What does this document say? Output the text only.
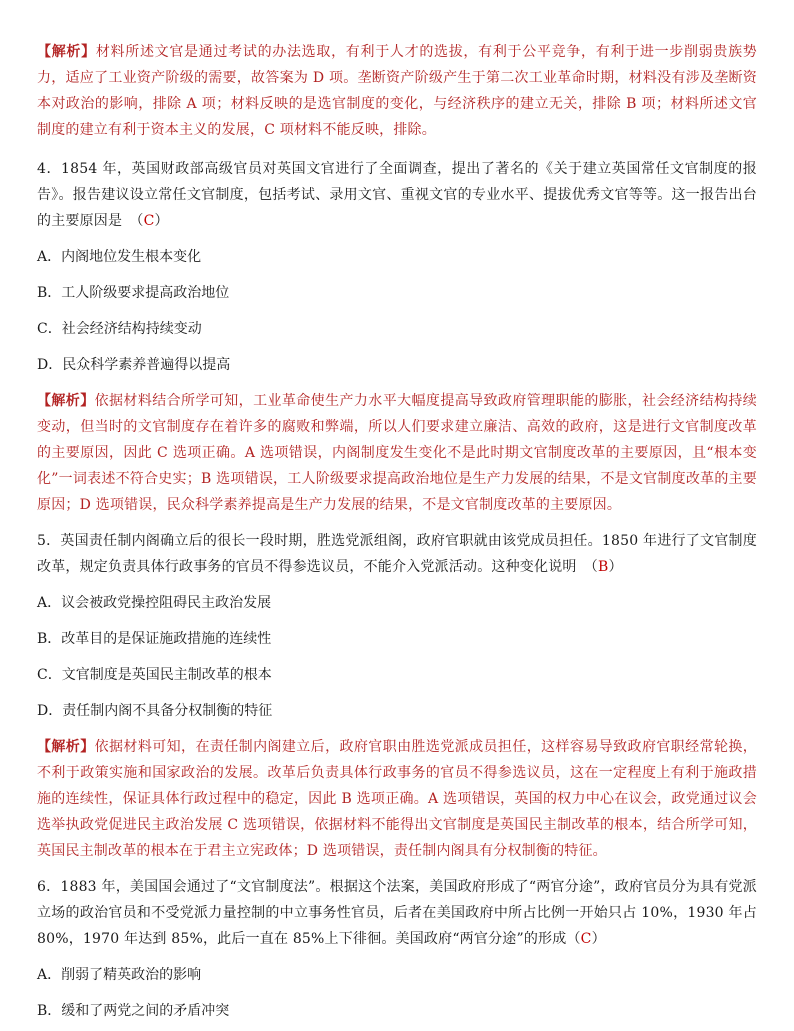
【解析】材料所述文官是通过考试的办法选取，有利于人才的选拔，有利于公平竞争，有利于进一步削弱贵族势力，适应了工业资产阶级的需要，故答案为 D 项。垄断资产阶级产生于第二次工业革命时期，材料没有涉及垄断资本对政治的影响，排除 A 项；材料反映的是选官制度的变化，与经济秩序的建立无关，排除 B 项；材料所述文官制度的建立有利于资本主义的发展，C 项材料不能反映，排除。

4．1854 年，英国财政部高级官员对英国文官进行了全面调查，提出了著名的《关于建立英国常任文官制度的报告》。报告建议设立常任文官制度，包括考试、录用文官、重视文官的专业水平、提拔优秀文官等等。这一报告出台的主要原因是　（C）

A．内阁地位发生根本变化

B．工人阶级要求提高政治地位

C．社会经济结构持续变动

D．民众科学素养普遍得以提高

【解析】依据材料结合所学可知，工业革命使生产力水平大幅度提高导致政府管理职能的膨胀，社会经济结构持续变动，但当时的文官制度存在着许多的腐败和弊端，所以人们要求建立廉洁、高效的政府，这是进行文官制度改革的主要原因，因此 C 选项正确。A 选项错误，内阁制度发生变化不是此时期文官制度改革的主要原因，且“根本变化”一词表述不符合史实；B 选项错误，工人阶级要求提高政治地位是生产力发展的结果，不是文官制度改革的主要原因；D 选项错误，民众科学素养提高是生产力发展的结果，不是文官制度改革的主要原因。

5．英国责任制内阁确立后的很长一段时期，胜选党派组阁，政府官职就由该党成员担任。1850 年进行了文官制度改革，规定负责具体行政事务的官员不得参选议员，不能介入党派活动。这种变化说明　（B）

A．议会被政党操控阻碍民主政治发展

B．改革目的是保证施政措施的连续性

C．文官制度是英国民主制改革的根本

D．责任制内阁不具备分权制衡的特征

【解析】依据材料可知，在责任制内阁建立后，政府官职由胜选党派成员担任，这样容易导致政府官职经常轮换，不利于政策实施和国家政治的发展。改革后负责具体行政事务的官员不得参选议员，这在一定程度上有利于施政措施的连续性，保证具体行政过程中的稳定，因此 B 选项正确。A 选项错误，英国的权力中心在议会，政党通过议会选举执政党促进民主政治发展 C 选项错误，依据材料不能得出文官制度是英国民主制改革的根本，结合所学可知，英国民主制改革的根本在于君主立宪政体；D 选项错误，责任制内阁具有分权制衡的特征。

6．1883 年，美国国会通过了“文官制度法”。根据这个法案，美国政府形成了“两官分途”，政府官员分为具有党派立场的政治官员和不受党派力量控制的中立事务性官员，后者在美国政府中所占比例一开始只占 10%，1930 年占 80%，1970 年达到 85%，此后一直在 85%上下徘徊。美国政府“两官分途”的形成（C）

A．削弱了精英政治的影响

B．缓和了两党之间的矛盾冲突
